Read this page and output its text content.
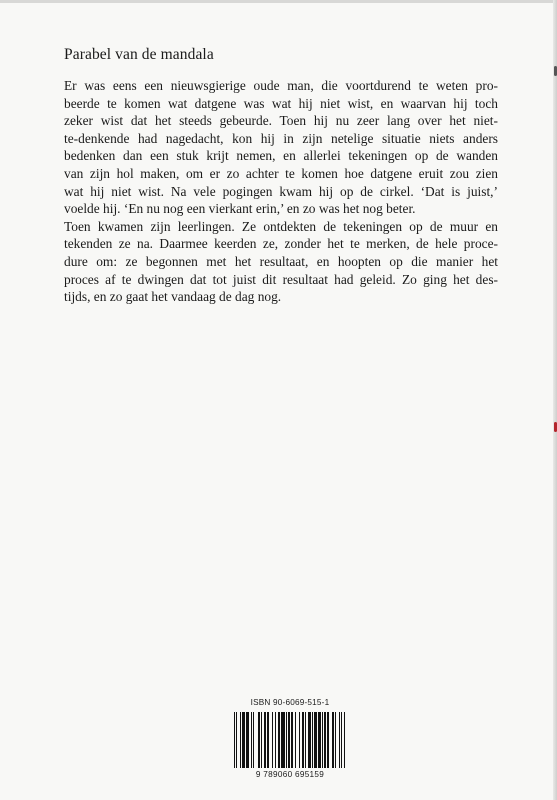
Parabel van de mandala

Er was eens een nieuwsgierige oude man, die voortdurend te weten pro-
beerde te komen wat datgene was wat hij niet wist, en waarvan hij toch
zeker wist dat het steeds gebeurde. Toen hij nu zeer lang over het niet-
te-denkende had nagedacht, kon hij in zijn netelige situatie niets anders
bedenken dan een stuk krijt nemen, en allerlei tekeningen op de wanden
van zijn hol maken, om er zo achter te komen hoe datgene eruit zou zien
wat hij niet wist. Na vele pogingen kwam hij op de cirkel. ‘Dat is juist,’
voelde hij. ‘En nu nog een vierkant erin,’ en zo was het nog beter.

Toen kwamen zijn leerlingen. Ze ontdekten de tekeningen op de muur en
tekenden ze na. Daarmee keerden ze, zonder het te merken, de hele proce-
dure om: ze begonnen met het resultaat, en hoopten op die manier het
proces af te dwingen dat tot juist dit resultaat had geleid. Zo ging het des-
tijds, en zo gaat het vandaag de dag nog.

ISBN 90-6069-515-1
9 789060 695159
